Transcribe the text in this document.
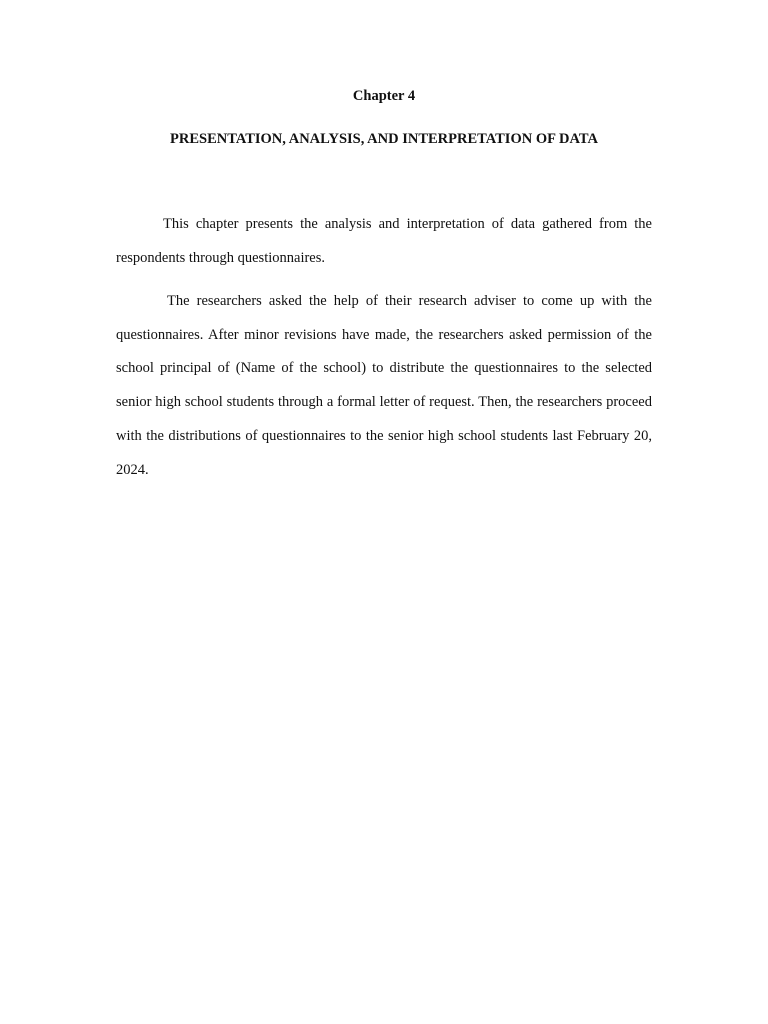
Chapter 4
PRESENTATION, ANALYSIS, AND INTERPRETATION OF DATA

This chapter presents the analysis and interpretation of data gathered from the respondents through questionnaires.

The researchers asked the help of their research adviser to come up with the questionnaires. After minor revisions have made, the researchers asked permission of the school principal of (Name of the school) to distribute the questionnaires to the selected senior high school students through a formal letter of request. Then, the researchers proceed with the distributions of questionnaires to the senior high school students last February 20, 2024.
